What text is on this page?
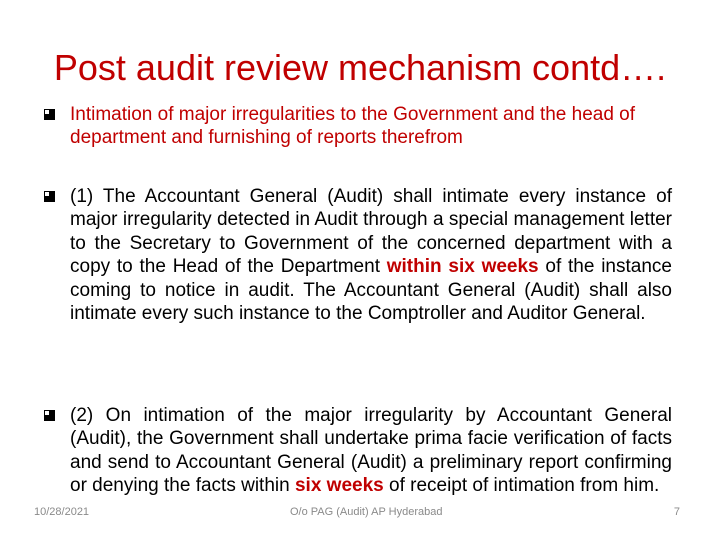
Post audit review mechanism contd….
Intimation of major irregularities to the Government and the head of department and furnishing of reports therefrom
(1) The Accountant General (Audit) shall intimate every instance of major irregularity detected in Audit through a special management letter to the Secretary to Government of the concerned department with a copy to the Head of the Department within six weeks of the instance coming to notice in audit. The Accountant General (Audit) shall also intimate every such instance to the Comptroller and Auditor General.
(2) On intimation of the major irregularity by Accountant General (Audit), the Government shall undertake prima facie verification of facts and send to Accountant General (Audit) a preliminary report confirming or denying the facts within six weeks of receipt of intimation from him.
10/28/2021	O/o PAG (Audit) AP Hyderabad	7
